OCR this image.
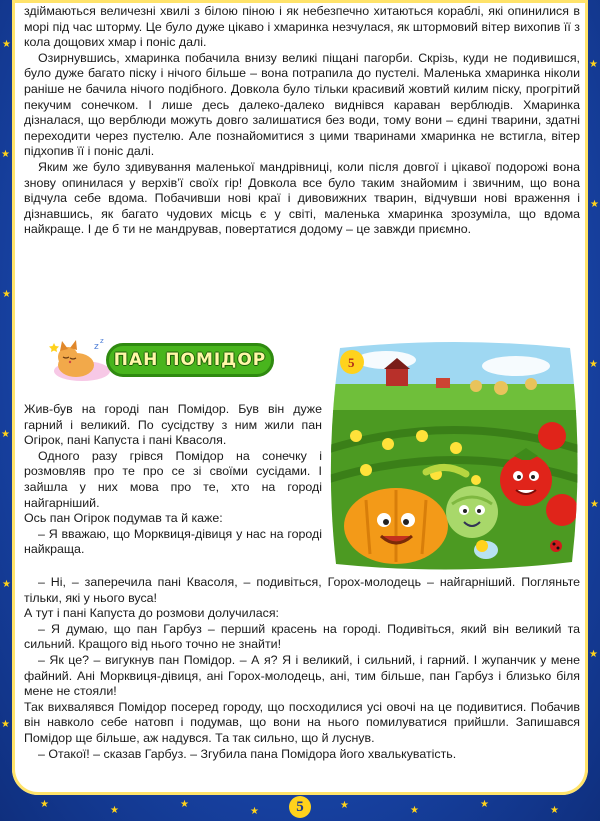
★
★
★
★
★
★
★
★
★
★
★
★
★
★
★
★	★
★
★

здіймаються величезні хвилі з білою піною і як небезпечно хитаються кораблі, які опинилися в морі під час шторму. Це було дуже цікаво і хмаринка незчулася, як штормовий вітер вихопив її з кола дощових хмар і поніс далі.

Озирнувшись, хмаринка побачила внизу великі піщані пагорби. Скрізь, куди не подивишся, було дуже багато піску і нічого більше – вона потрапила до пустелі. Маленька хмаринка ніколи раніше не бачила нічого подібного. Довкола було тільки красивий жовтий килим піску, прогрітий пекучим сонечком. І лише десь далеко-далеко виднівся караван верблюдів. Хмаринка дізналася, що верблюди можуть довго залишатися без води, тому вони – єдині тварини, здатні переходити через пустелю. Але познайомитися з цими тваринами хмаринка не встигла, вітер підхопив її і поніс далі.

Яким же було здивування маленької мандрівниці, коли після довгої і цікавої подорожі вона знову опинилася у верхів’ї своїх гір! Довкола все було таким знайомим і звичним, що вона відчула себе вдома. Побачивши нові краї і дивовижних тварин, відчувши нові враження і дізнавшись, як багато чудових місць є у світі, маленька хмаринка зрозуміла, що вдома найкраще. І де б ти не мандрував, повертатися додому – це завжди приємно.

z
z
ПАН ПОМІДОР	5

Жив-був на городі пан Помідор. Був він дуже гарний і великий. По сусідству з ним жили пан Огірок, пані Капуста і пані Квасоля.

Одного разу грівся Помідор на сонечку і розмовляв про те про се зі своїми сусідами. І зайшла у них мова про те, хто на городі найгарніший.

Ось пан Огірок подумав та й каже:

– Я вважаю, що Морквиця-дівиця у нас на городі найкраща.

– Ні, – заперечила пані Квасоля, – подивіться, Горох-молодець – найгарніший. Погляньте тільки, які у нього вуса!

А тут і пані Капуста до розмови долучилася:

– Я думаю, що пан Гарбуз – перший красень на городі. Подивіться, який він великий та сильний. Кращого від нього точно не знайти!

– Як це? – вигукнув пан Помідор. – А я? Я і великий, і сильний, і гарний. І жупанчик у мене файний. Ані Морквиця-дівиця, ані Горох-молодець, ані, тим більше, пан Гарбуз і близько біля мене не стояли!

Так вихвалявся Помідор посеред городу, що посходилися усі овочі на це подивитися. Побачив він навколо себе натовп і подумав, що вони на нього помилуватися прийшли. Запишався Помідор ще більше, аж надувся. Та так сильно, що й луснув.

– Отакої! – сказав Гарбуз. – Згубила пана Помідора його хвалькуватість.

5
